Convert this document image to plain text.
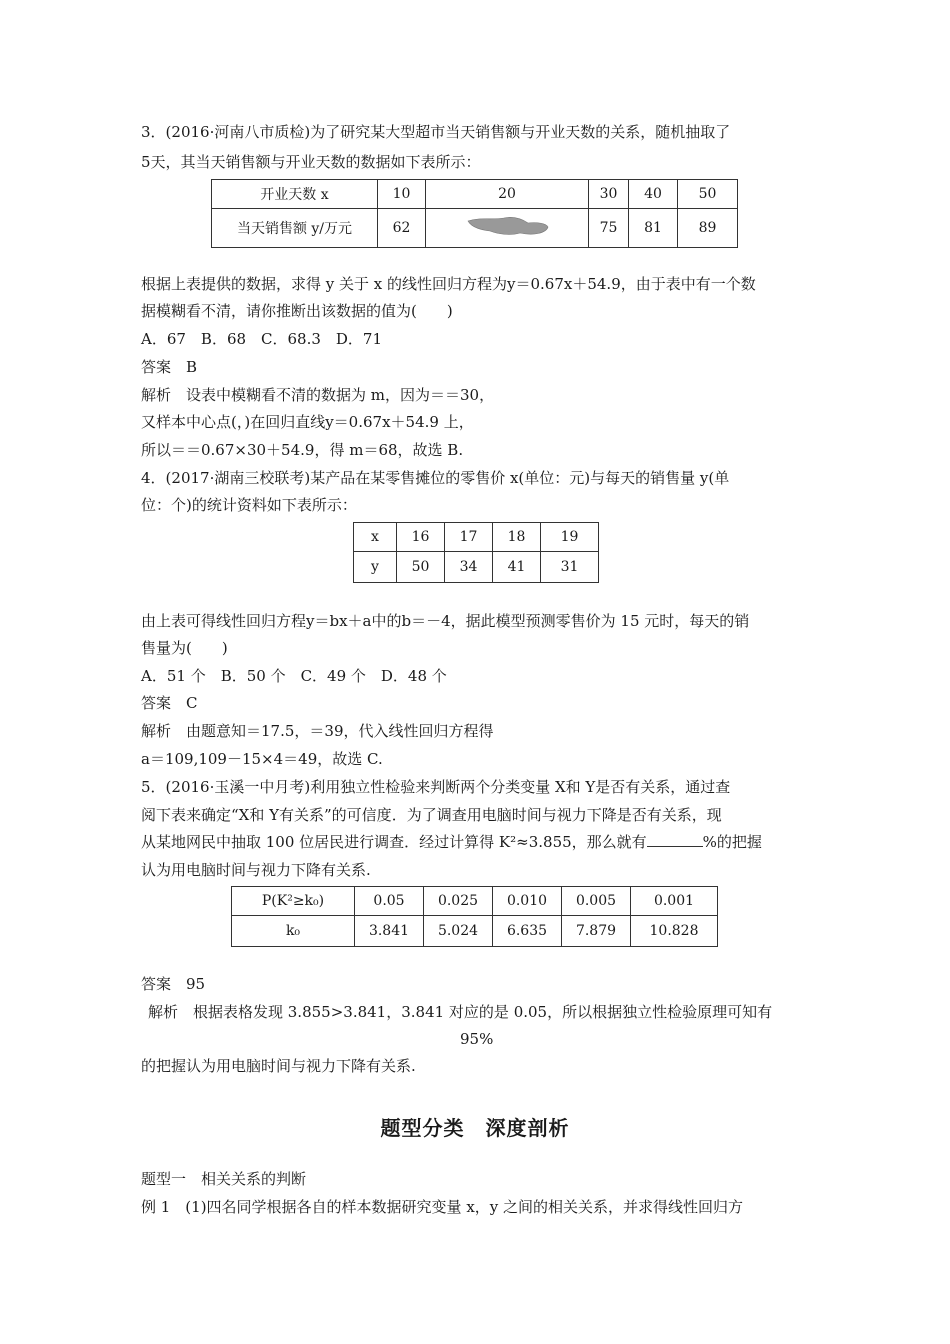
3．(2016·河南八市质检)为了研究某大型超市当天销售额与开业天数的关系，随机抽取了
5天，其当天销售额与开业天数的数据如下表所示：
开业天数 x	10	20	30	40	50
当天销售额 y/万元	62		75	81	89
根据上表提供的数据，求得 y 关于 x 的线性回归方程为y＝0.67x＋54.9，由于表中有一个数
据模糊看不清，请你推断出该数据的值为(　　)
A．67　B．68　C．68.3　D．71
答案　B
解析　设表中模糊看不清的数据为 m，因为＝＝30，
又样本中心点(，)在回归直线y＝0.67x＋54.9 上，
所以＝＝0.67×30＋54.9，得 m＝68，故选 B.
4．(2017·湖南三校联考)某产品在某零售摊位的零售价 x(单位：元)与每天的销售量 y(单
位：个)的统计资料如下表所示：
x	16	17	18	19
y	50	34	41	31
由上表可得线性回归方程y＝bx＋a中的b＝－4，据此模型预测零售价为 15 元时，每天的销
售量为(　　)
A．51 个　B．50 个　C．49 个　D．48 个
答案　C
解析　由题意知＝17.5，＝39，代入线性回归方程得
a＝109,109－15×4＝49，故选 C.
5．(2016·玉溪一中月考)利用独立性检验来判断两个分类变量 X和 Y是否有关系，通过查
阅下表来确定“X和 Y有关系”的可信度．为了调查用电脑时间与视力下降是否有关系，现
从某地网民中抽取 100 位居民进行调查．经过计算得 K²≈3.855，那么就有	%的把握
认为用电脑时间与视力下降有关系.
P(K²≥k₀)	0.05	0.025	0.010	0.005	0.001
k₀	3.841	5.024	6.635	7.879	10.828
答案　95
解析　根据表格发现 3.855>3.841，3.841 对应的是 0.05，所以根据独立性检验原理可知有
95%
的把握认为用电脑时间与视力下降有关系.
题型分类　深度剖析
题型一　相关关系的判断
例 1　(1)四名同学根据各自的样本数据研究变量 x，y 之间的相关关系，并求得线性回归方
